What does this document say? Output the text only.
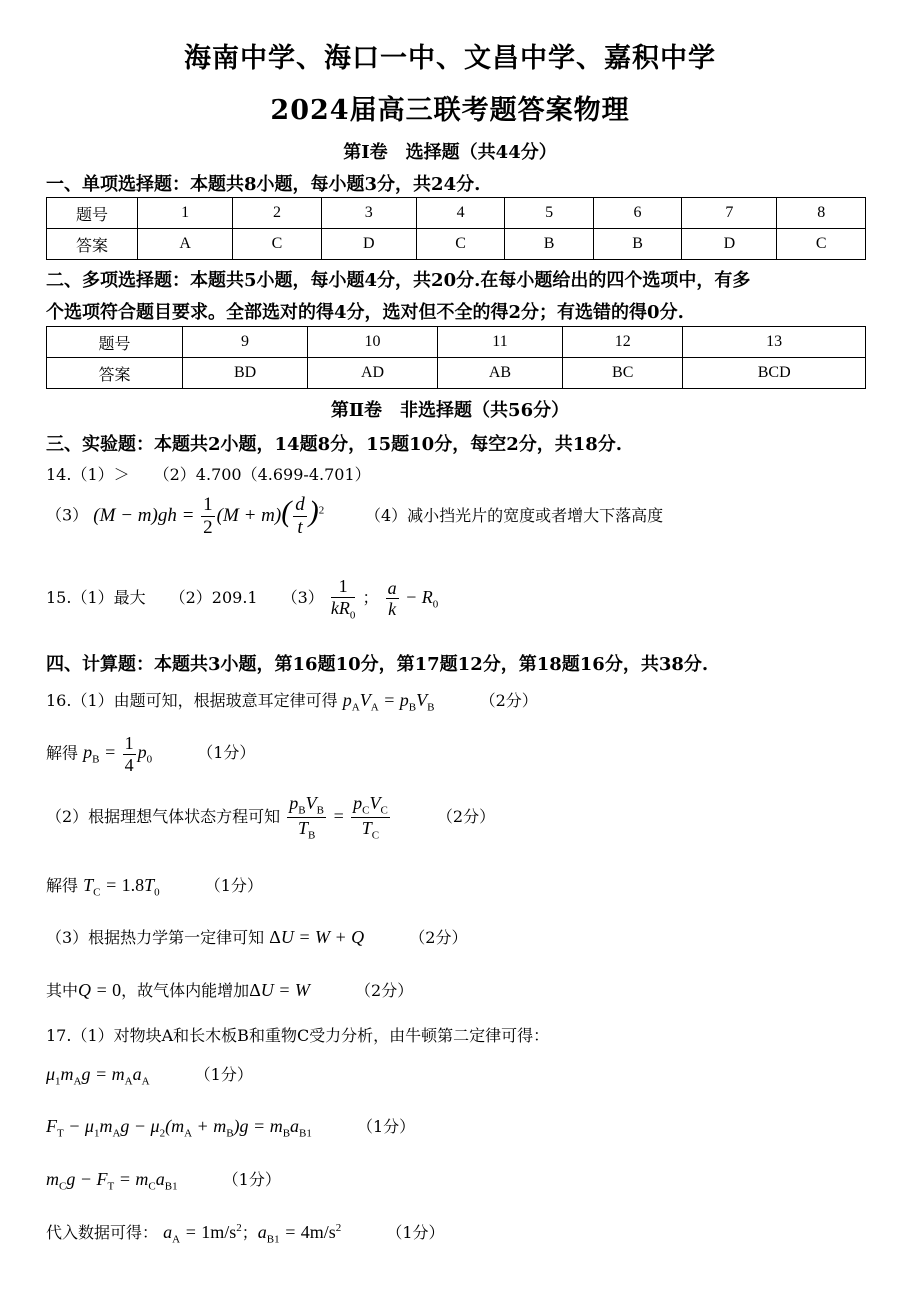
海南中学、海口一中、文昌中学、嘉积中学
2024届高三联考题答案物理
第Ⅰ卷　选择题（共44分）
一、单项选择题：本题共8小题，每小题3分，共24分.
题号	1	2	3	4	5	6	7	8
答案	A	C	D	C	B	B	D	C
二、多项选择题：本题共5小题，每小题4分，共20分.在每小题给出的四个选项中，有多
个选项符合题目要求。全部选对的得4分，选对但不全的得2分；有选错的得0分.
题号	9	10	11	12	13
答案	BD	AD	AB	BC	BCD
第Ⅱ卷　非选择题（共56分）
三、实验题：本题共2小题，14题8分，15题10分，每空2分，共18分.
14.（1）＞　　（2）4.700（4.699-4.701）
（3） $(M - m)gh = \frac{1}{2} (M + m)( \frac{d}{t} )^2$	（4）减小挡光片的宽度或者增大下落高度
15.（1）最大　　（2）209.1　　$(3) \frac{1}{kR_0}$ ； $\frac{a}{k} - R_0$
四、计算题：本题共3小题，第16题10分，第17题12分，第18题16分，共38分.
16.（1）由题可知，根据玻意耳定律可得 $p_AV_A = p_BV_B$	（2分）
解得 $p_B = \frac{1}{4} p_0$	（1分）
（2）根据理想气体状态方程可知 $\frac{p_BV_B}{T_B} = \frac{p_CV_C}{T_C}$	（2分）
解得 $T_C = 1.8T_0$	（1分）
（3）根据热力学第一定律可知 ΔU = W + Q	（2分）
其中Q = 0，故气体内能增加ΔU = W	（2分）
17.（1）对物块A和长木板B和重物C受力分析，由牛顿第二定律可得：
$\mu_1m_Ag = m_Aa_A$	（1分）
$F_T - \mu_1m_Ag - \mu_2(m_A + m_B)g = m_Ba_{B1}$	（1分）
$m_Cg - F_T = m_Ca_{B1}$	（1分）
代入数据可得： $a_A = 1m/s^2$；$a_{B1} = 4m/s^2$	（1分）
